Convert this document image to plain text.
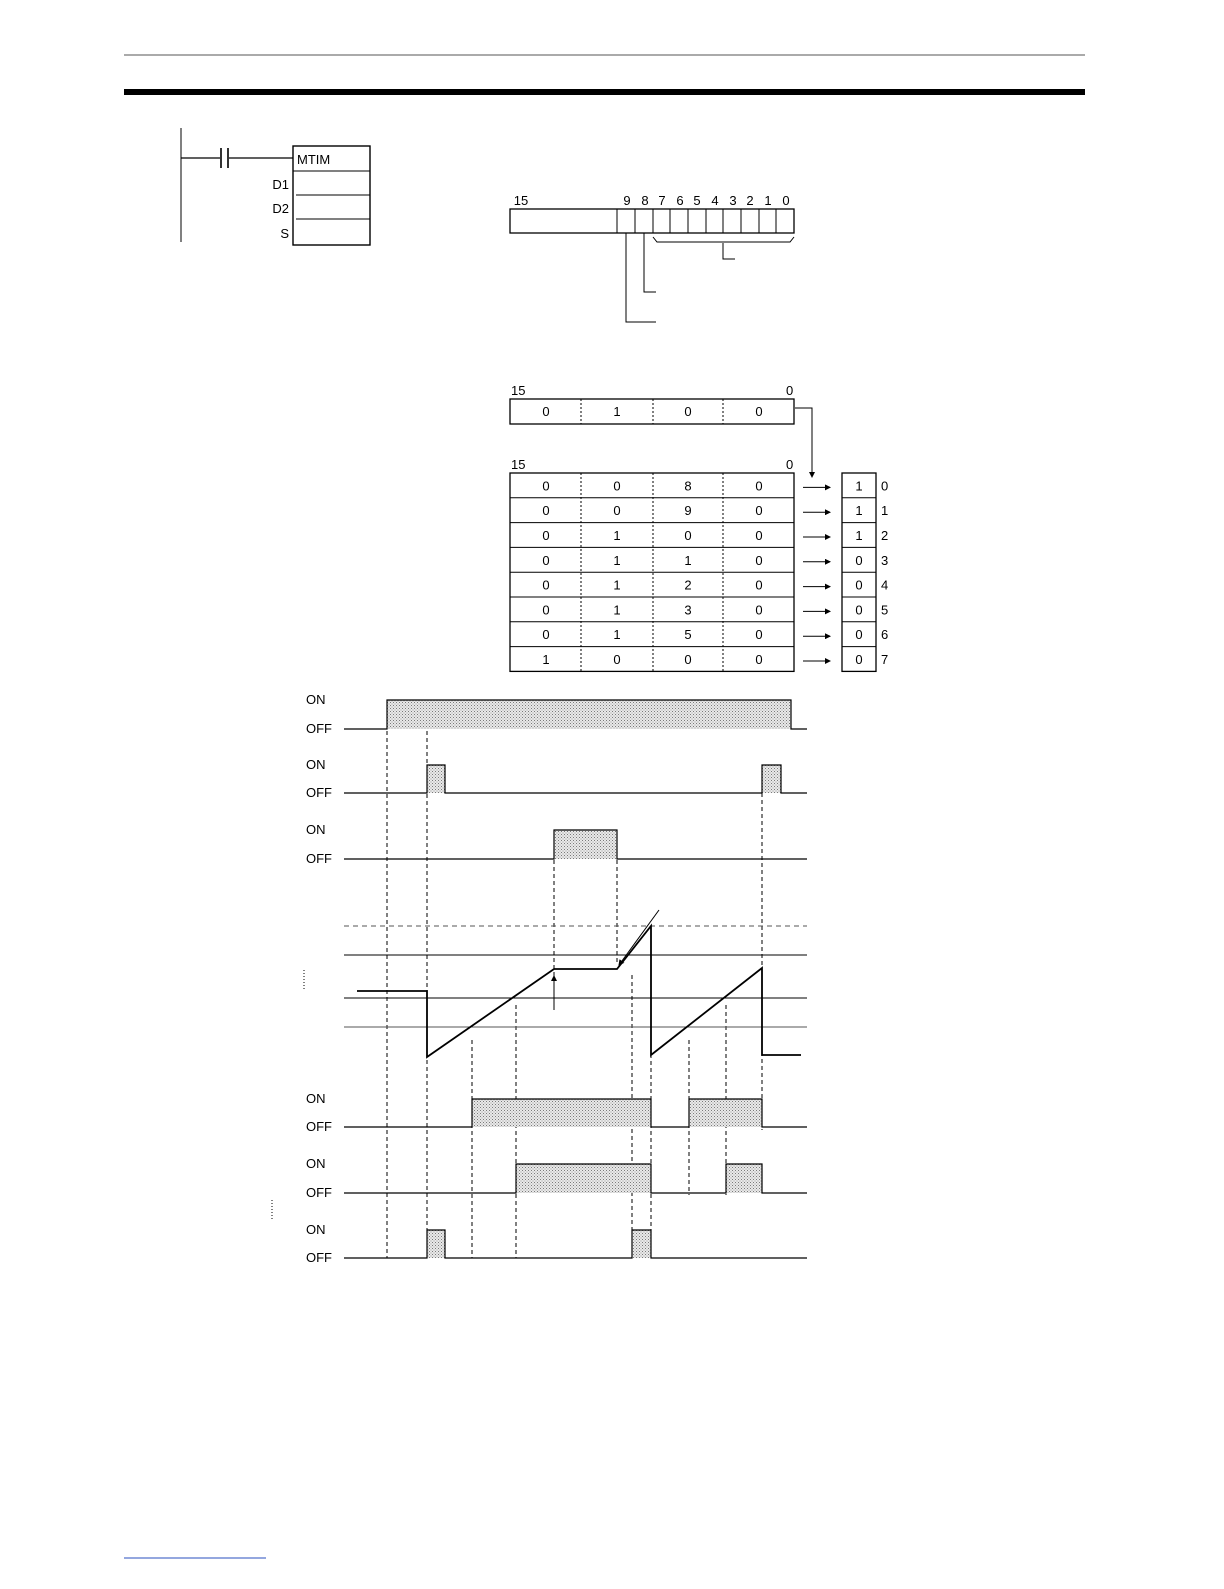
MTIM
D1
D2
S
15	9 8 7 6 5 4 3 2 1 0
15	0
0	1	0	0
15	0
0	0	8	0
0	0	9	0
0	1	0	0
0	1	1	0
0	1	2	0
0	1	3	0
0	1	5	0
1	0	0	0
1 0
1 1
1 2
0 3
0 4
0 5
0 6
0 7
ON
OFF
ON
OFF
ON
OFF
ON
OFF
ON
OFF
ON
OFF
